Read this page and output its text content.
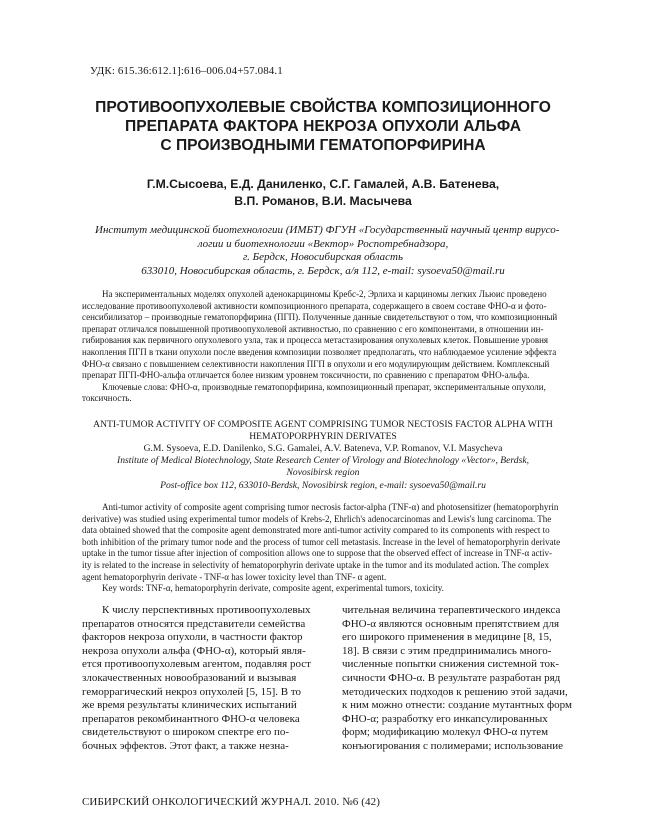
УДК: 615.36:612.1]:616–006.04+57.084.1
ПРОТИВООПУХОЛЕВЫЕ СВОЙСТВА КОМПОЗИЦИОННОГО
ПРЕПАРАТА ФАКТОРА НЕКРОЗА ОПУХОЛИ АЛЬФА
С ПРОИЗВОДНЫМИ ГЕМАТОПОРФИРИНА
Г.М.Сысоева, Е.Д. Даниленко, С.Г. Гамалей, А.В. Батенева,
В.П. Романов, В.И. Масычева
Институт медицинской биотехнологии (ИМБТ) ФГУН «Государственный научный центр вирусо-
логии и биотехнологии «Вектор» Роспотребнадзора,
г. Бердск, Новосибирская область
633010, Новосибирская область, г. Бердск, а/я 112, e-mail: sysoeva50@mail.ru
На экспериментальных моделях опухолей аденокарциномы Кребс-2, Эрлиха и карциномы легких Льюис проведено
исследование противоопухолевой активности композиционного препарата, содержащего в своем составе ФНО-α и фото-
сенсибилизатор – производные гематопорфирина (ПГП). Полученные данные свидетельствуют о том, что композиционный
препарат отличался повышенной противоопухолевой активностью, по сравнению с его компонентами, в отношении ин-
гибирования как первичного опухолевого узла, так и процесса метастазирования опухолевых клеток. Повышение уровня
накопления ПГП в ткани опухоли после введения композиции позволяет предполагать, что наблюдаемое усиление эффекта
ФНО-α связано с повышением селективности накопления ПГП в опухоли и его модулирующим действием. Комплексный
препарат ПГП-ФНО-альфа отличается более низким уровнем токсичности, по сравнению с препаратом ФНО-альфа.
Ключевые слова: ФНО-α, производные гематопорфирина, композиционный препарат, экспериментальные опухоли,
токсичность.
ANTI-TUMOR ACTIVITY OF COMPOSITE AGENT COMPRISING TUMOR NECTOSIS FACTOR ALPHA WITH
HEMATOPORPHYRIN DERIVATES
G.M. Sysoeva, E.D. Danilenko, S.G. Gamalei, A.V. Bateneva, V.P. Romanov, V.I. Masycheva
Institute of Medical Biotechnology, State Research Center of Virology and Biotechnology «Vector», Berdsk,
Novosibirsk region
Post-office box 112, 633010-Berdsk, Novosibirsk region, e-mail: sysoeva50@mail.ru
Anti-tumor activity of composite agent comprising tumor necrosis factor-alpha (TNF-α) and photosensitizer (hematoporphyrin
derivative) was studied using experimental tumor models of Krebs-2, Ehrlich's adenocarcinomas and Lewis's lung carcinoma. The
data obtained showed that the composite agent demonstrated more anti-tumor activity compared to its components with respect to
both inhibition of the primary tumor node and the process of tumor cell metastasis. Increase in the level of hematoporphyrin derivate
uptake in the tumor tissue after injection of composition allows one to suppose that the observed effect of increase in TNF-α activ-
ity is related to the increase in selectivity of hematoporphyrin derivate uptake in the tumor and its modulated action. The complex
agent hematoporphyrin derivate - TNF-α has lower toxicity level than TNF- α agent.
Key words: TNF-α, hematoporphyrin derivate, composite agent, experimental tumors, toxicity.
К числу перспективных противоопухолевых
препаратов относятся представители семейства
факторов некроза опухоли, в частности фактор
некроза опухоли альфа (ФНО-α), который явля-
ется противоопухолевым агентом, подавляя рост
злокачественных новообразований и вызывая
геморрагический некроз опухолей [5, 15]. В то
же время результаты клинических испытаний
препаратов рекомбинантного ФНО-α человека
свидетельствуют о широком спектре его по-
бочных эффектов. Этот факт, а также незна-
чительная величина терапевтического индекса
ФНО-α являются основным препятствием для
его широкого применения в медицине [8, 15,
18]. В связи с этим предпринимались много-
численные попытки снижения системной ток-
сичности ФНО-α. В результате разработан ряд
методических подходов к решению этой задачи,
к ним можно отнести: создание мутантных форм
ФНО-α; разработку его инкапсулированных
форм; модификацию молекул ФНО-α путем
конъюгирования с полимерами; использование
СИБИРСКИЙ ОНКОЛОГИЧЕСКИЙ ЖУРНАЛ. 2010. №6 (42)
